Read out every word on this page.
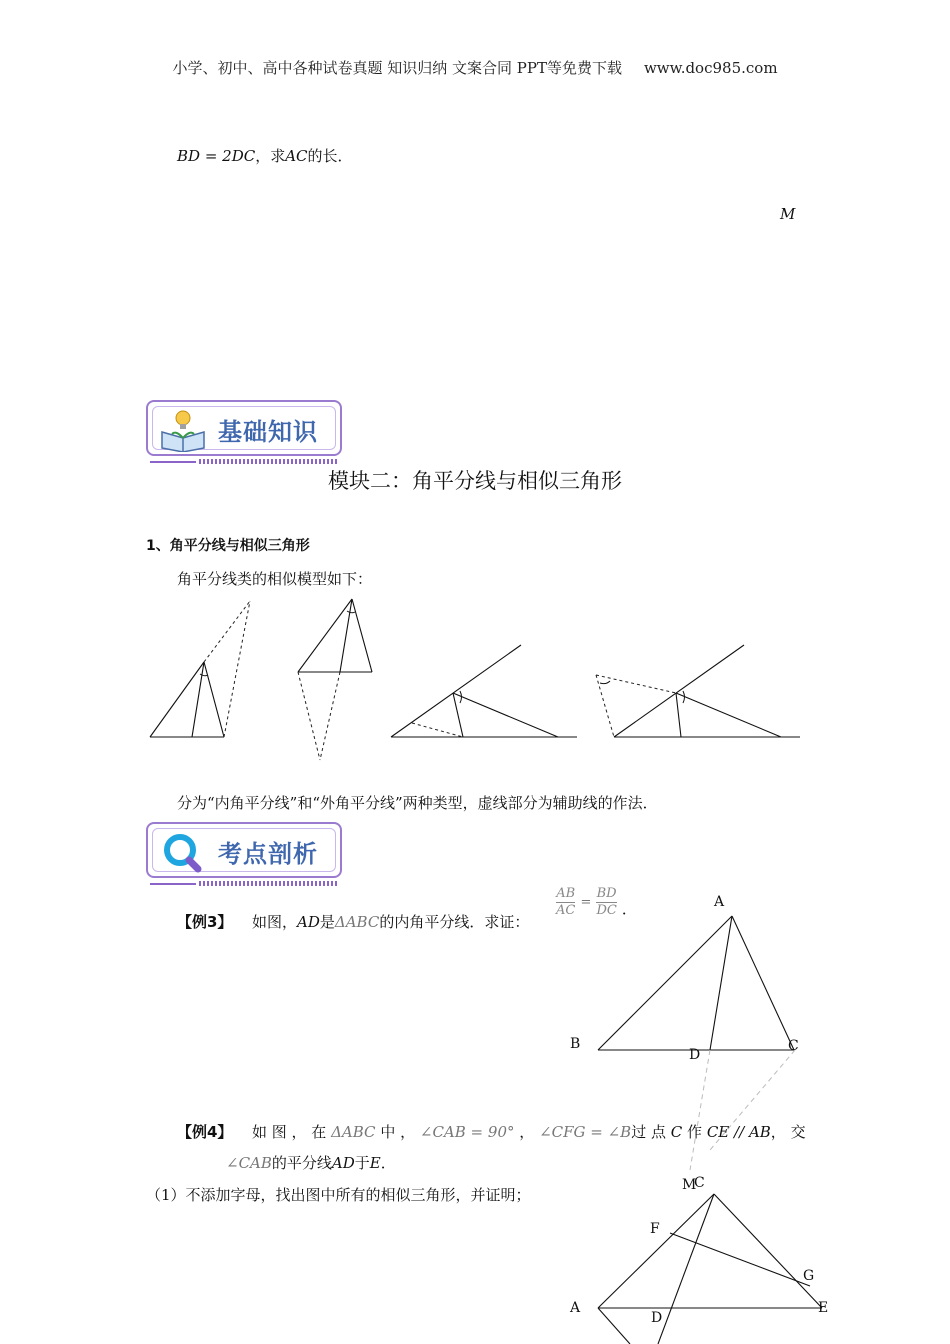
小学、初中、高中各种试卷真题 知识归纳 文案合同 PPT等免费下载 www.doc985.com
BD = 2DC，求AC的长．
M
基础知识
模块二：角平分线与相似三角形
1、角平分线与相似三角形
角平分线类的相似模型如下：
分为“内角平分线”和“外角平分线”两种类型，虚线部分为辅助线的作法．
考点剖析
【例3】 如图，AD是ΔABC的内角平分线．求证：
$\frac{AB}{AC} = \frac{BD}{DC}$ ．	A
B	C
D
【例4】 如 图 ， 在 ΔABC 中 ， ∠CAB = 90° ， ∠CFG = ∠B过 点 C 作 CE // AB， 交
∠CAB的平分线AD于E．
（1）不添加字母，找出图中所有的相似三角形，并证明；
M
C
F
G
A
D
E
